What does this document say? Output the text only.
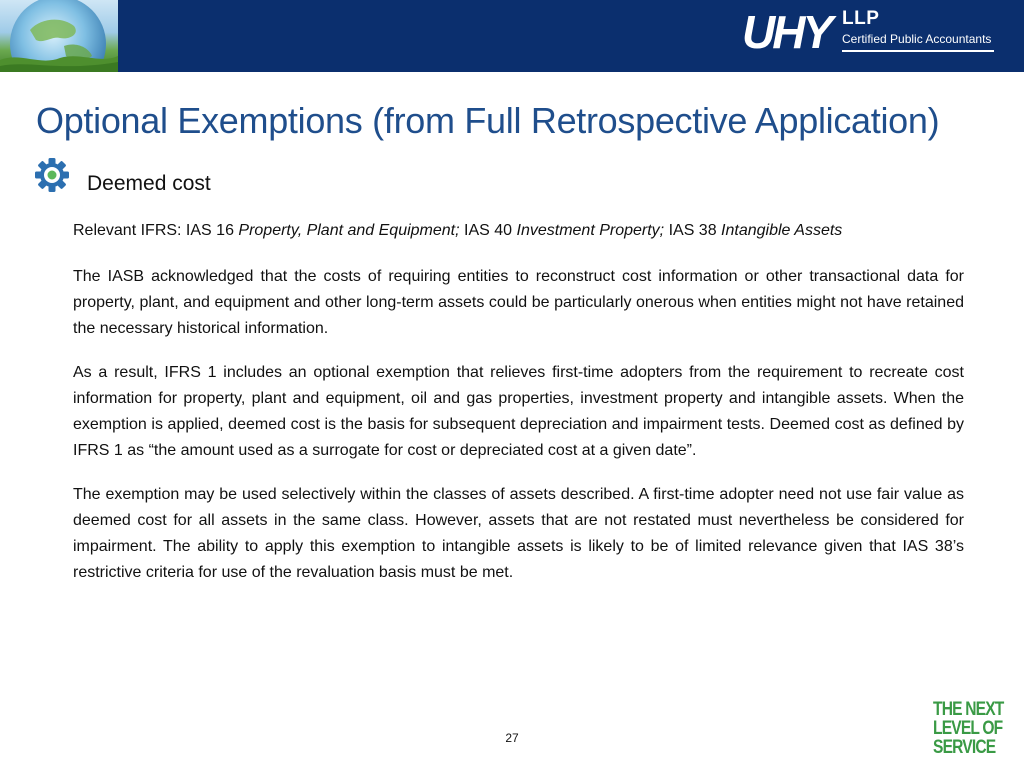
UHY LLP
Certified Public Accountants
Optional Exemptions (from Full Retrospective Application)
Deemed cost

Relevant IFRS: IAS 16 Property, Plant and Equipment; IAS 40 Investment Property; IAS 38 Intangible Assets

The IASB acknowledged that the costs of requiring entities to reconstruct cost information or other transactional data for property, plant, and equipment and other long-term assets could be particularly onerous when entities might not have retained the necessary historical information.

As a result, IFRS 1 includes an optional exemption that relieves first-time adopters from the requirement to recreate cost information for property, plant and equipment, oil and gas properties, investment property and intangible assets. When the exemption is applied, deemed cost is the basis for subsequent depreciation and impairment tests. Deemed cost as defined by IFRS 1 as “the amount used as a surrogate for cost or depreciated cost at a given date”.

The exemption may be used selectively within the classes of assets described. A first-time adopter need not use fair value as deemed cost for all assets in the same class. However, assets that are not restated must nevertheless be considered for impairment. The ability to apply this exemption to intangible assets is likely to be of limited relevance given that IAS 38’s restrictive criteria for use of the revaluation basis must be met.

27
THE NEXT
LEVEL OF
SERVICE
